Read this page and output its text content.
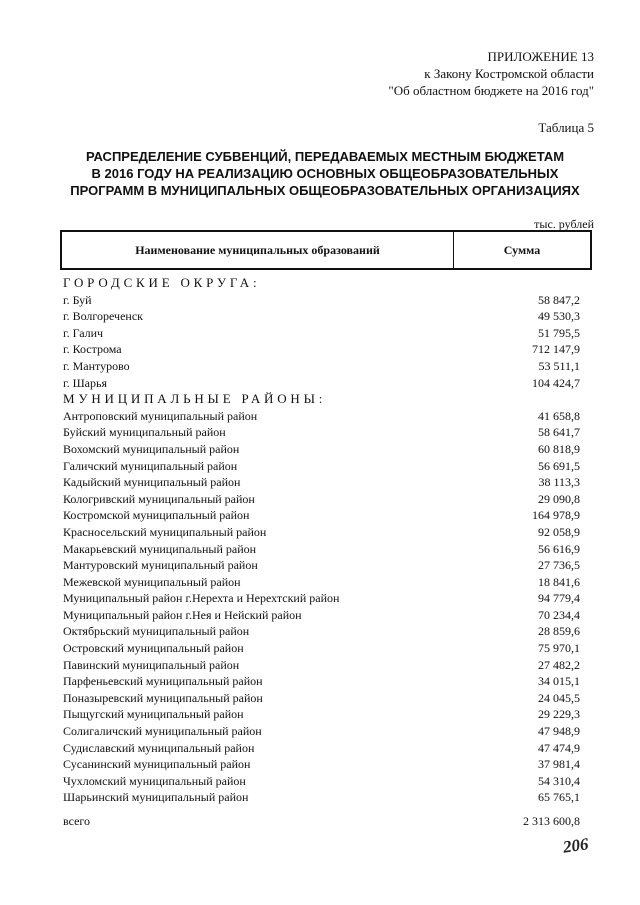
ПРИЛОЖЕНИЕ 13
к Закону Костромской области
"Об областном бюджете на 2016 год"
Таблица 5
РАСПРЕДЕЛЕНИЕ СУБВЕНЦИЙ, ПЕРЕДАВАЕМЫХ МЕСТНЫМ БЮДЖЕТАМ
В 2016 ГОДУ НА РЕАЛИЗАЦИЮ ОСНОВНЫХ ОБЩЕОБРАЗОВАТЕЛЬНЫХ
ПРОГРАММ В МУНИЦИПАЛЬНЫХ ОБЩЕОБРАЗОВАТЕЛЬНЫХ ОРГАНИЗАЦИЯХ
тыс. рублей
Наименование муниципальных образований	Сумма
ГОРОДСКИЕ ОКРУГА:
г. Буй	58 847,2
г. Волгореченск	49 530,3
г. Галич	51 795,5
г. Кострома	712 147,9
г. Мантурово	53 511,1
г. Шарья	104 424,7
МУНИЦИПАЛЬНЫЕ РАЙОНЫ:
Антроповский муниципальный район	41 658,8
Буйский муниципальный район	58 641,7
Вохомский муниципальный район	60 818,9
Галичский муниципальный район	56 691,5
Кадыйский муниципальный район	38 113,3
Кологривский муниципальный район	29 090,8
Костромской муниципальный район	164 978,9
Красносельский муниципальный район	92 058,9
Макарьевский муниципальный район	56 616,9
Мантуровский муниципальный район	27 736,5
Межевской муниципальный район	18 841,6
Муниципальный район г.Нерехта и Нерехтский район	94 779,4
Муниципальный район г.Нея и Нейский район	70 234,4
Октябрьский муниципальный район	28 859,6
Островский муниципальный район	75 970,1
Павинский муниципальный район	27 482,2
Парфеньевский муниципальный район	34 015,1
Поназыревский муниципальный район	24 045,5
Пыщугский муниципальный район	29 229,3
Солигаличский муниципальный район	47 948,9
Судиславский муниципальный район	47 474,9
Сусанинский муниципальный район	37 981,4
Чухломский муниципальный район	54 310,4
Шарьинский муниципальный район	65 765,1
всего	2 313 600,8
206
